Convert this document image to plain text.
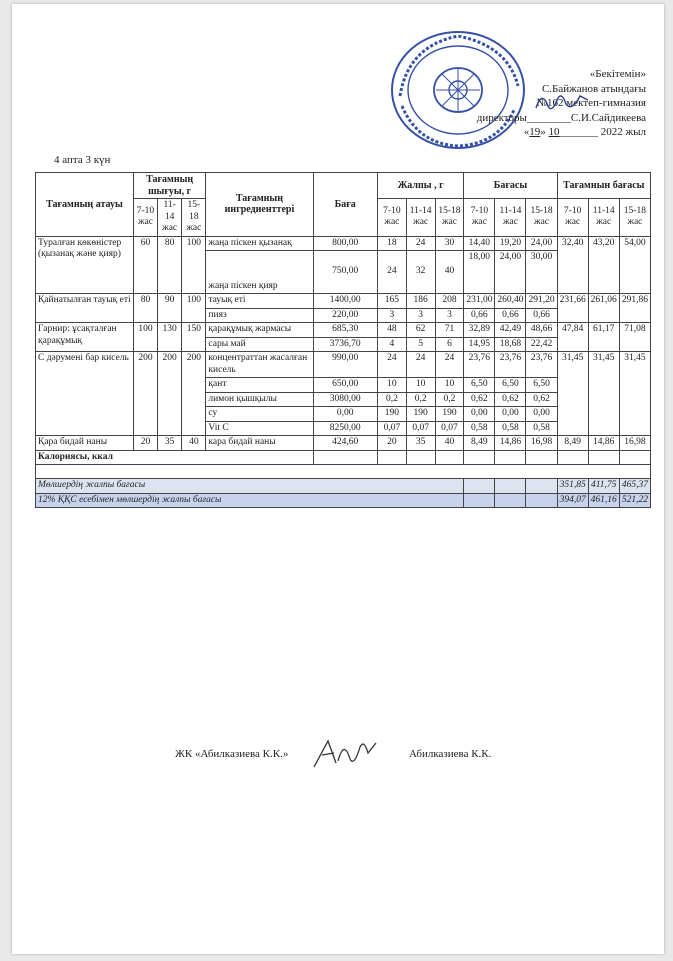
«Бекітемін»
С.Байжанов атындағы
№162 мектеп-гимназия
директоры________С.И.Сайдикеева
«19» 10_______ 2022 жыл
4 апта 3 күн
Тағамның атауы	Тағамның шығуы, г			Тағамның ингредиенттері	Баға	Жалпы , г			Бағасы			Тағамнын бағасы		
	7-10 жас	11-14 жас	15-18 жас			7-10 жас	11-14 жас	15-18 жас	7-10 жас	11-14 жас	15-18 жас	7-10 жас	11-14 жас	15-18 жас
Туралған көкөністер (қызанақ және қияр)	60	80	100	жаңа піскен қызанақ	800,00	18	24	30	14,40	19,20	24,00	32,40	43,20	54,00
				жаңа піскен қияр	750,00	24	32	40	18,00	24,00	30,00			
Қайнатылған тауық еті	80	90	100	тауық еті	1400,00	165	186	208	231,00	260,40	291,20	231,66	261,06	291,86
				пияз	220,00	3	3	3	0,66	0,66	0,66			
Гарнир: ұсақталған қарақұмық	100	130	150	қарақұмық жармасы	685,30	48	62	71	32,89	42,49	48,66	47,84	61,17	71,08
				сары май	3736,70	4	5	6	14,95	18,68	22,42			
С дәрумені бар кисель	200	200	200	концентраттан жасалған кисель	990,00	24	24	24	23,76	23,76	23,76	31,45	31,45	31,45
				қант	650,00	10	10	10	6,50	6,50	6,50			
				лимон қышқылы	3080,00	0,2	0,2	0,2	0,62	0,62	0,62			
				су	0,00	190	190	190	0,00	0,00	0,00			
				Vit C	8250,00	0,07	0,07	0,07	0,58	0,58	0,58			
Қара бидай наны	20	35	40	кара бидай наны	424,60	20	35	40	8,49	14,86	16,98	8,49	14,86	16,98
Калориясы, ккал														

Мөлшердің жалпы бағасы												351,85	411,75	465,37
12% ҚҚС есебімен мөлшердің жалпы бағасы												394,07	461,16	521,22
ЖК «Абилказиева К.К.»	Абилказиева К.К.
